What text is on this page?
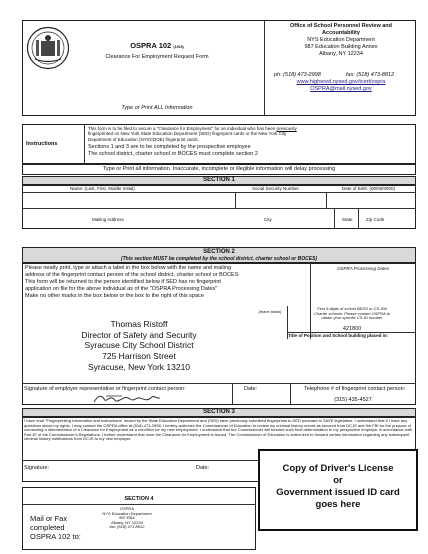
OSPRA 102 (1/03)
Clearance For Employment Request Form
Type or Print ALL Information
Office of School Personnel Review and
Accountability
NYS Education Department
987 Education Building Annex
Albany, NY 12234
ph: (518) 473-2998	fax: (518) 473-8812
www.highered.nysed.gov/tcert/ospra
OSPRA@mail.nysed.gov
Instructions
This form is to be filed to secure a "Clearance for Employment" for an individual who has been previously
fingerprinted on New York State Education Department (SED) fingerprint cards or the New York City
Department of Education (NYSCDOE) fingerprint cards.
Sections 1 and 3 are to be completed by the prospective employee
The school district, charter school or BOCES must complete section 2
Type or Print all information. Inaccurate, incomplete or illegible information will delay processing
SECTION 1
Name: (Last, First, Middle Initial)	Social Security Number	Date of Birth: (00/00/0000)
Mailing Address	City	State	Zip Code
SECTION 2
(This section MUST be completed by the school district, charter school or BOCES)
Please neatly print, type or attach a label in the box below with the name and mailing
address of the fingerprint contact person of the school district, charter school or BOCES
This form will be returned to the person identified below if SED has no fingerprint
application on file for the above individual as of the "OSPRA Processing Dates"
Make no other marks in the box below or the box to the right of this space
OSPRA Processing Dates
(leave blank)
First 6 digits of school BEDS or CS-ID#
Charter schools: Please contact OSPRA to
obtain your specific CS-ID number
421800
Title of Position and School building placed in:
Thomas Ristoff
Director of Safety and Security
Syracuse City School District
725 Harrison Street
Syracuse, New York 13210
Signature of employer representative or fingerprint contact person:	Date:	Telephone # of fingerprint contact person:
(315) 435-4527
SECTION 3
I have read "Fingerprinting Information and Instructions" issued by the State Education Department and (SED) have previously submitted fingerprints to SED pursuant to SAVE legislation. I understand that if I have any questions about my rights, I may contact the OSPRA office at (518) 473-2998. I hereby authorize the Commissioner of Education to review my criminal history record as secured from DCJS and the FBI for the purpose of conducting a determination of a Clearance for Employment as a condition for my new employment. I understand that the Commissioner will forward such final determination to my perspective employer in accordance with Part 87 of the Commissioner's Regulations. I further understand that once the Clearance for Employment is issued, The Commissioner of Education is authorized to forward certain information regarding any subsequent criminal history notifications from DCJS to my new employer.
Signature:	Date:
SECTION 4
Mail or Fax
completed
OSPRA 102 to:
OSPRA
NYS Education Department
987 EBA
Albany, NY 12234
fax: (518) 473-8812
Copy of Driver's License
or
Government issued ID card
goes here
